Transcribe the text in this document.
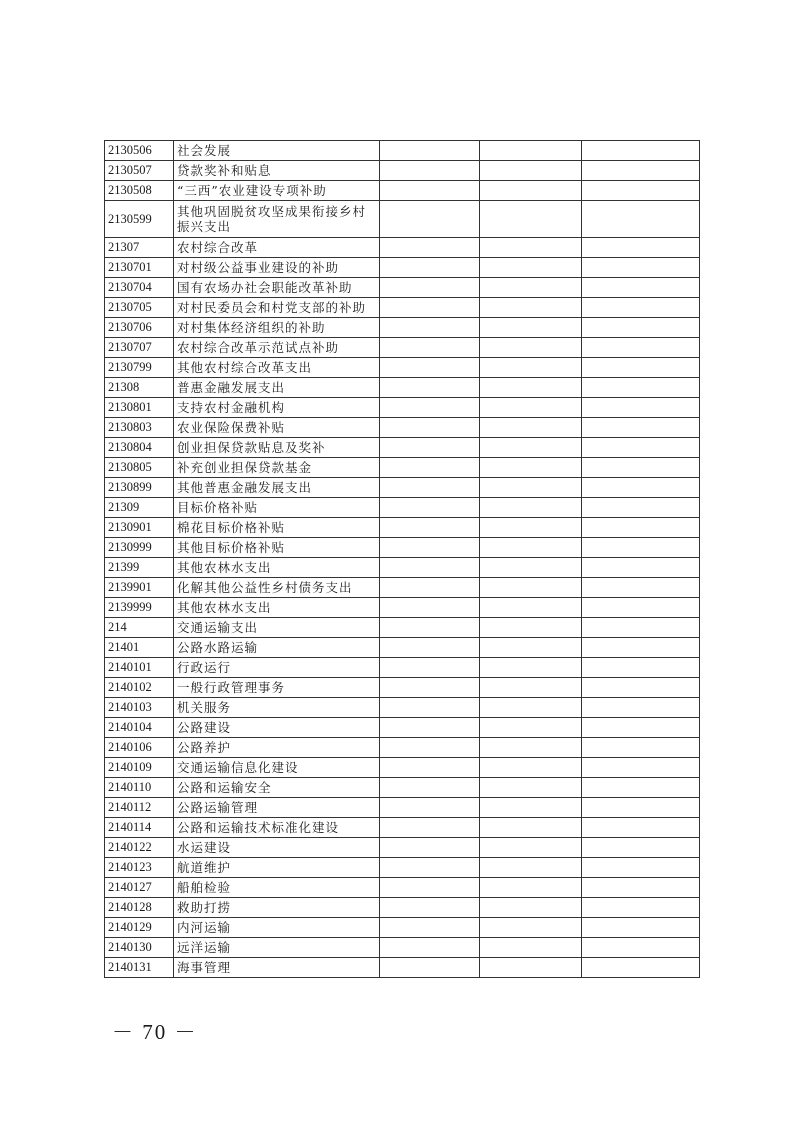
2130506	社会发展			
2130507	贷款奖补和贴息			
2130508	“三西”农业建设专项补助			
2130599	其他巩固脱贫攻坚成果衔接乡村振兴支出			
21307	农村综合改革			
2130701	对村级公益事业建设的补助			
2130704	国有农场办社会职能改革补助			
2130705	对村民委员会和村党支部的补助			
2130706	对村集体经济组织的补助			
2130707	农村综合改革示范试点补助			
2130799	其他农村综合改革支出			
21308	普惠金融发展支出			
2130801	支持农村金融机构			
2130803	农业保险保费补贴			
2130804	创业担保贷款贴息及奖补			
2130805	补充创业担保贷款基金			
2130899	其他普惠金融发展支出			
21309	目标价格补贴			
2130901	棉花目标价格补贴			
2130999	其他目标价格补贴			
21399	其他农林水支出			
2139901	化解其他公益性乡村债务支出			
2139999	其他农林水支出			
214	交通运输支出			
21401	公路水路运输			
2140101	行政运行			
2140102	一般行政管理事务			
2140103	机关服务			
2140104	公路建设			
2140106	公路养护			
2140109	交通运输信息化建设			
2140110	公路和运输安全			
2140112	公路运输管理			
2140114	公路和运输技术标准化建设			
2140122	水运建设			
2140123	航道维护			
2140127	船舶检验			
2140128	救助打捞			
2140129	内河运输			
2140130	远洋运输			
2140131	海事管理			
－ 70 －
